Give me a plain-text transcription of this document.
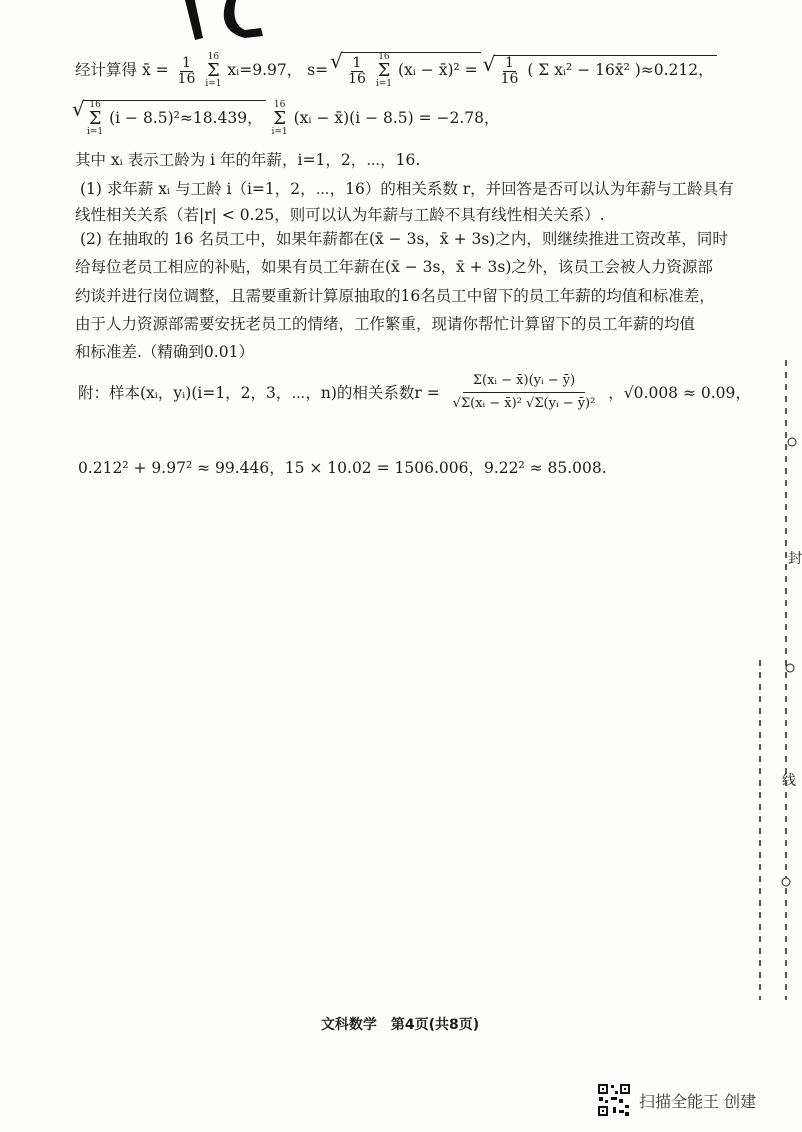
经计算得 x̄ = $\frac{1}{16}$
16
Σ
i=1
xᵢ=9.97， s= √ $\frac{1}{16}$
16
Σ
i=1
(xᵢ − x̄)² = √ $\frac{1}{16}$ ( Σ xᵢ² − 16x̄² )≈0.212，
√ 16
Σ
i=1
(i − 8.5)²≈18.439，
16
Σ
i=1
(xᵢ − x̄)(i − 8.5) = −2.78，
其中 xᵢ 表示工龄为 i 年的年薪，i=1，2，⋯，16.
(1) 求年薪 xᵢ 与工龄 i（i=1，2，⋯，16）的相关系数 r，并回答是否可以认为年薪与工龄具有
线性相关关系（若|r| < 0.25，则可以认为年薪与工龄不具有线性相关关系）.
(2) 在抽取的 16 名员工中，如果年薪都在(x̄ − 3s，x̄ + 3s)之内，则继续推进工资改革，同时
给每位老员工相应的补贴，如果有员工年薪在(x̄ − 3s，x̄ + 3s)之外，该员工会被人力资源部
约谈并进行岗位调整，且需要重新计算原抽取的16名员工中留下的员工年薪的均值和标准差，
由于人力资源部需要安抚老员工的情绪，工作繁重，现请你帮忙计算留下的员工年薪的均值
和标准差.（精确到0.01）
附：样本(xᵢ，yᵢ)(i=1，2，3，⋯，n)的相关系数$r = \frac{\text{Σ(xᵢ − x̄)(yᵢ − ȳ)}}{\text{√Σ(xᵢ − x̄)² √Σ(yᵢ − ȳ)²}}$ ，√0.008 ≈ 0.09，
0.212² + 9.97² ≈ 99.446，15 × 10.02 = 1506.006，9.22² ≈ 85.008.
封
线
文科数学　第4页(共8页)
扫描全能王 创建
